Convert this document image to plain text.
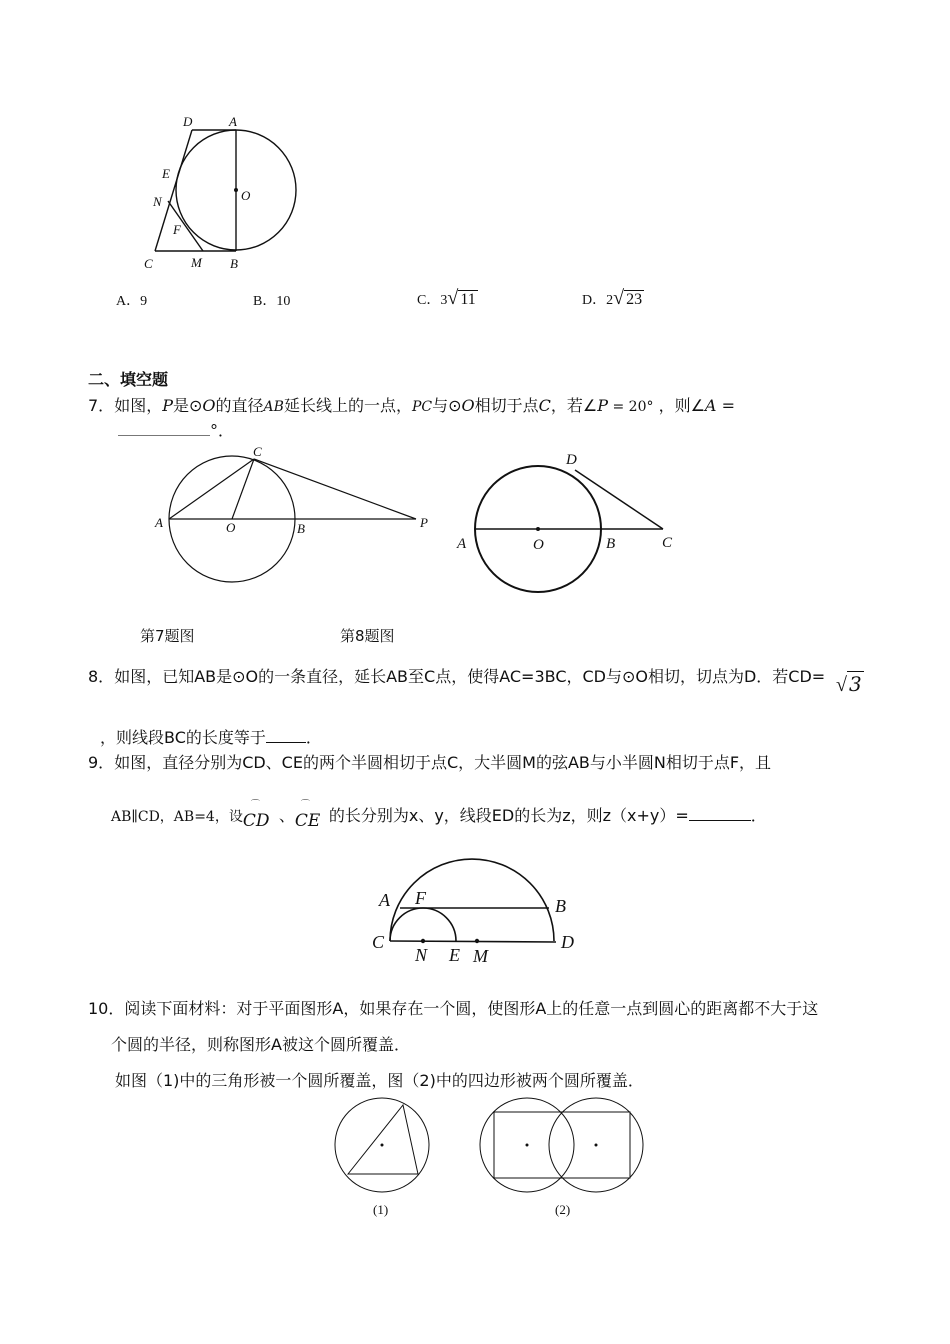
D	A
E
O
N
F
C	M B
A．9	B．10	C．3√ 11	D．2√ 23
二、填空题
7．如图，P是⊙O的直径AB延长线上的一点，PC与⊙O相切于点C，若∠P = 20° ，则∠A =
°．
C
A	O	B	P
D
A	O	B	C
第7题图	第8题图
8．如图，已知AB是⊙O的一条直径，延长AB至C点，使得AC=3BC，CD与⊙O相切，切点为D．若CD= √ 3
，则线段BC的长度等于	．
9．如图，直径分别为CD、CE的两个半圆相切于点C，大半圆M的弦AB与小半圆N相切于点F，且
AB∥CD，AB=4，设
⌒
CD 、
⌒
CE 的长分别为x、y，线段ED的长为z，则z（x+y）=	．
A F	B
C	D
N E M
10．阅读下面材料：对于平面图形A，如果存在一个圆，使图形A上的任意一点到圆心的距离都不大于这
个圆的半径，则称图形A被这个圆所覆盖．
如图（1)中的三角形被一个圆所覆盖，图（2)中的四边形被两个圆所覆盖．
(1)	(2)
